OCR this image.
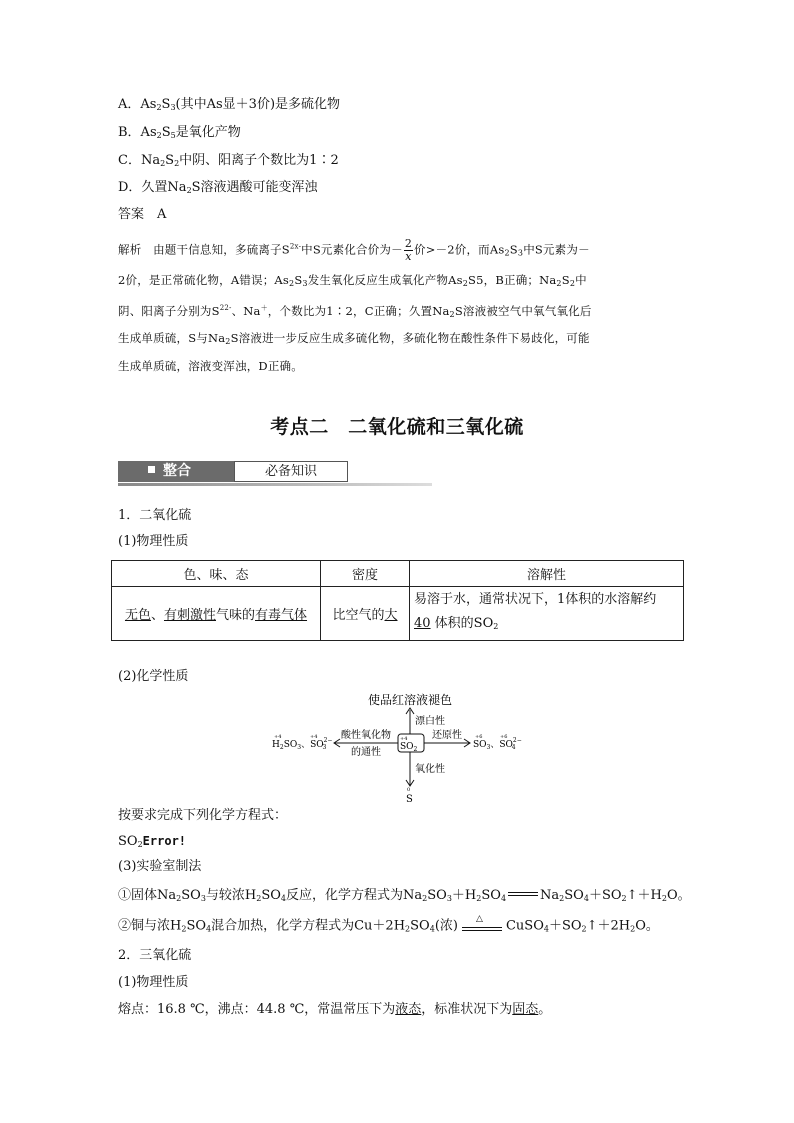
A．$As_2S_3$(其中As显＋3价)是多硫化物
B．$As_2S_5$是氧化产物
C．$Na_2S_2$中阴、阳离子个数比为1∶2
D．久置$Na_2S$溶液遇酸可能变浑浊
答案　A
解析　由题干信息知，多硫离子$S^{2x-}$中S元素化合价为－ $\frac{2}{x}$ 价>－2价，而$As_2S_3$中S元素为－
2价，是正常硫化物，A错误；$As_2S_3$发生氧化反应生成氧化产物$As_2S5$，B正确；$Na_2S_2$中
阴、阳离子分别为$S^{22-}$、Na＋，个数比为1∶2，C正确；久置$Na_2S$溶液被空气中氧气氧化后
生成单质硫，S与$Na_2S$溶液进一步反应生成多硫化物，多硫化物在酸性条件下易歧化，可能
生成单质硫，溶液变浑浊，D正确。
考点二　二氧化硫和三氧化硫
整合	必备知识
1．二氧化硫
(1)物理性质
色、味、态	密度	溶解性
无色、有刺激性气味的有毒气体	比空气的大	易溶于水，通常状况下，1体积的水溶解约
40 体积的$SO_2$
(2)化学性质
使品红溶液褪色
漂白性
+4
$SO_2$
酸性氧化物
的通性
+4	+4
$H_2SO_3$、$SO^{2-}$ 3
还原性	+6	+6
$SO_3$、$SO^{2-}$ 4
氧化性
0
S
按要求完成下列化学方程式：
$SO_2Error$!
(3)实验室制法
①固体$Na_2SO_3$与较浓$H_2SO_4$反应，化学方程式为$Na_2SO_3+H_2SO_4$	$Na_2SO_4+SO_2↑+H_2O$。
②铜与浓$H_2SO_4$混合加热，化学方程式为$Cu+2H_2SO_4$(浓) △ $CuSO_4+SO_2↑+2H_2O$。
2．三氧化硫
(1)物理性质
熔点：16.8 ℃，沸点：44.8 ℃，常温常压下为液态，标准状况下为固态。
